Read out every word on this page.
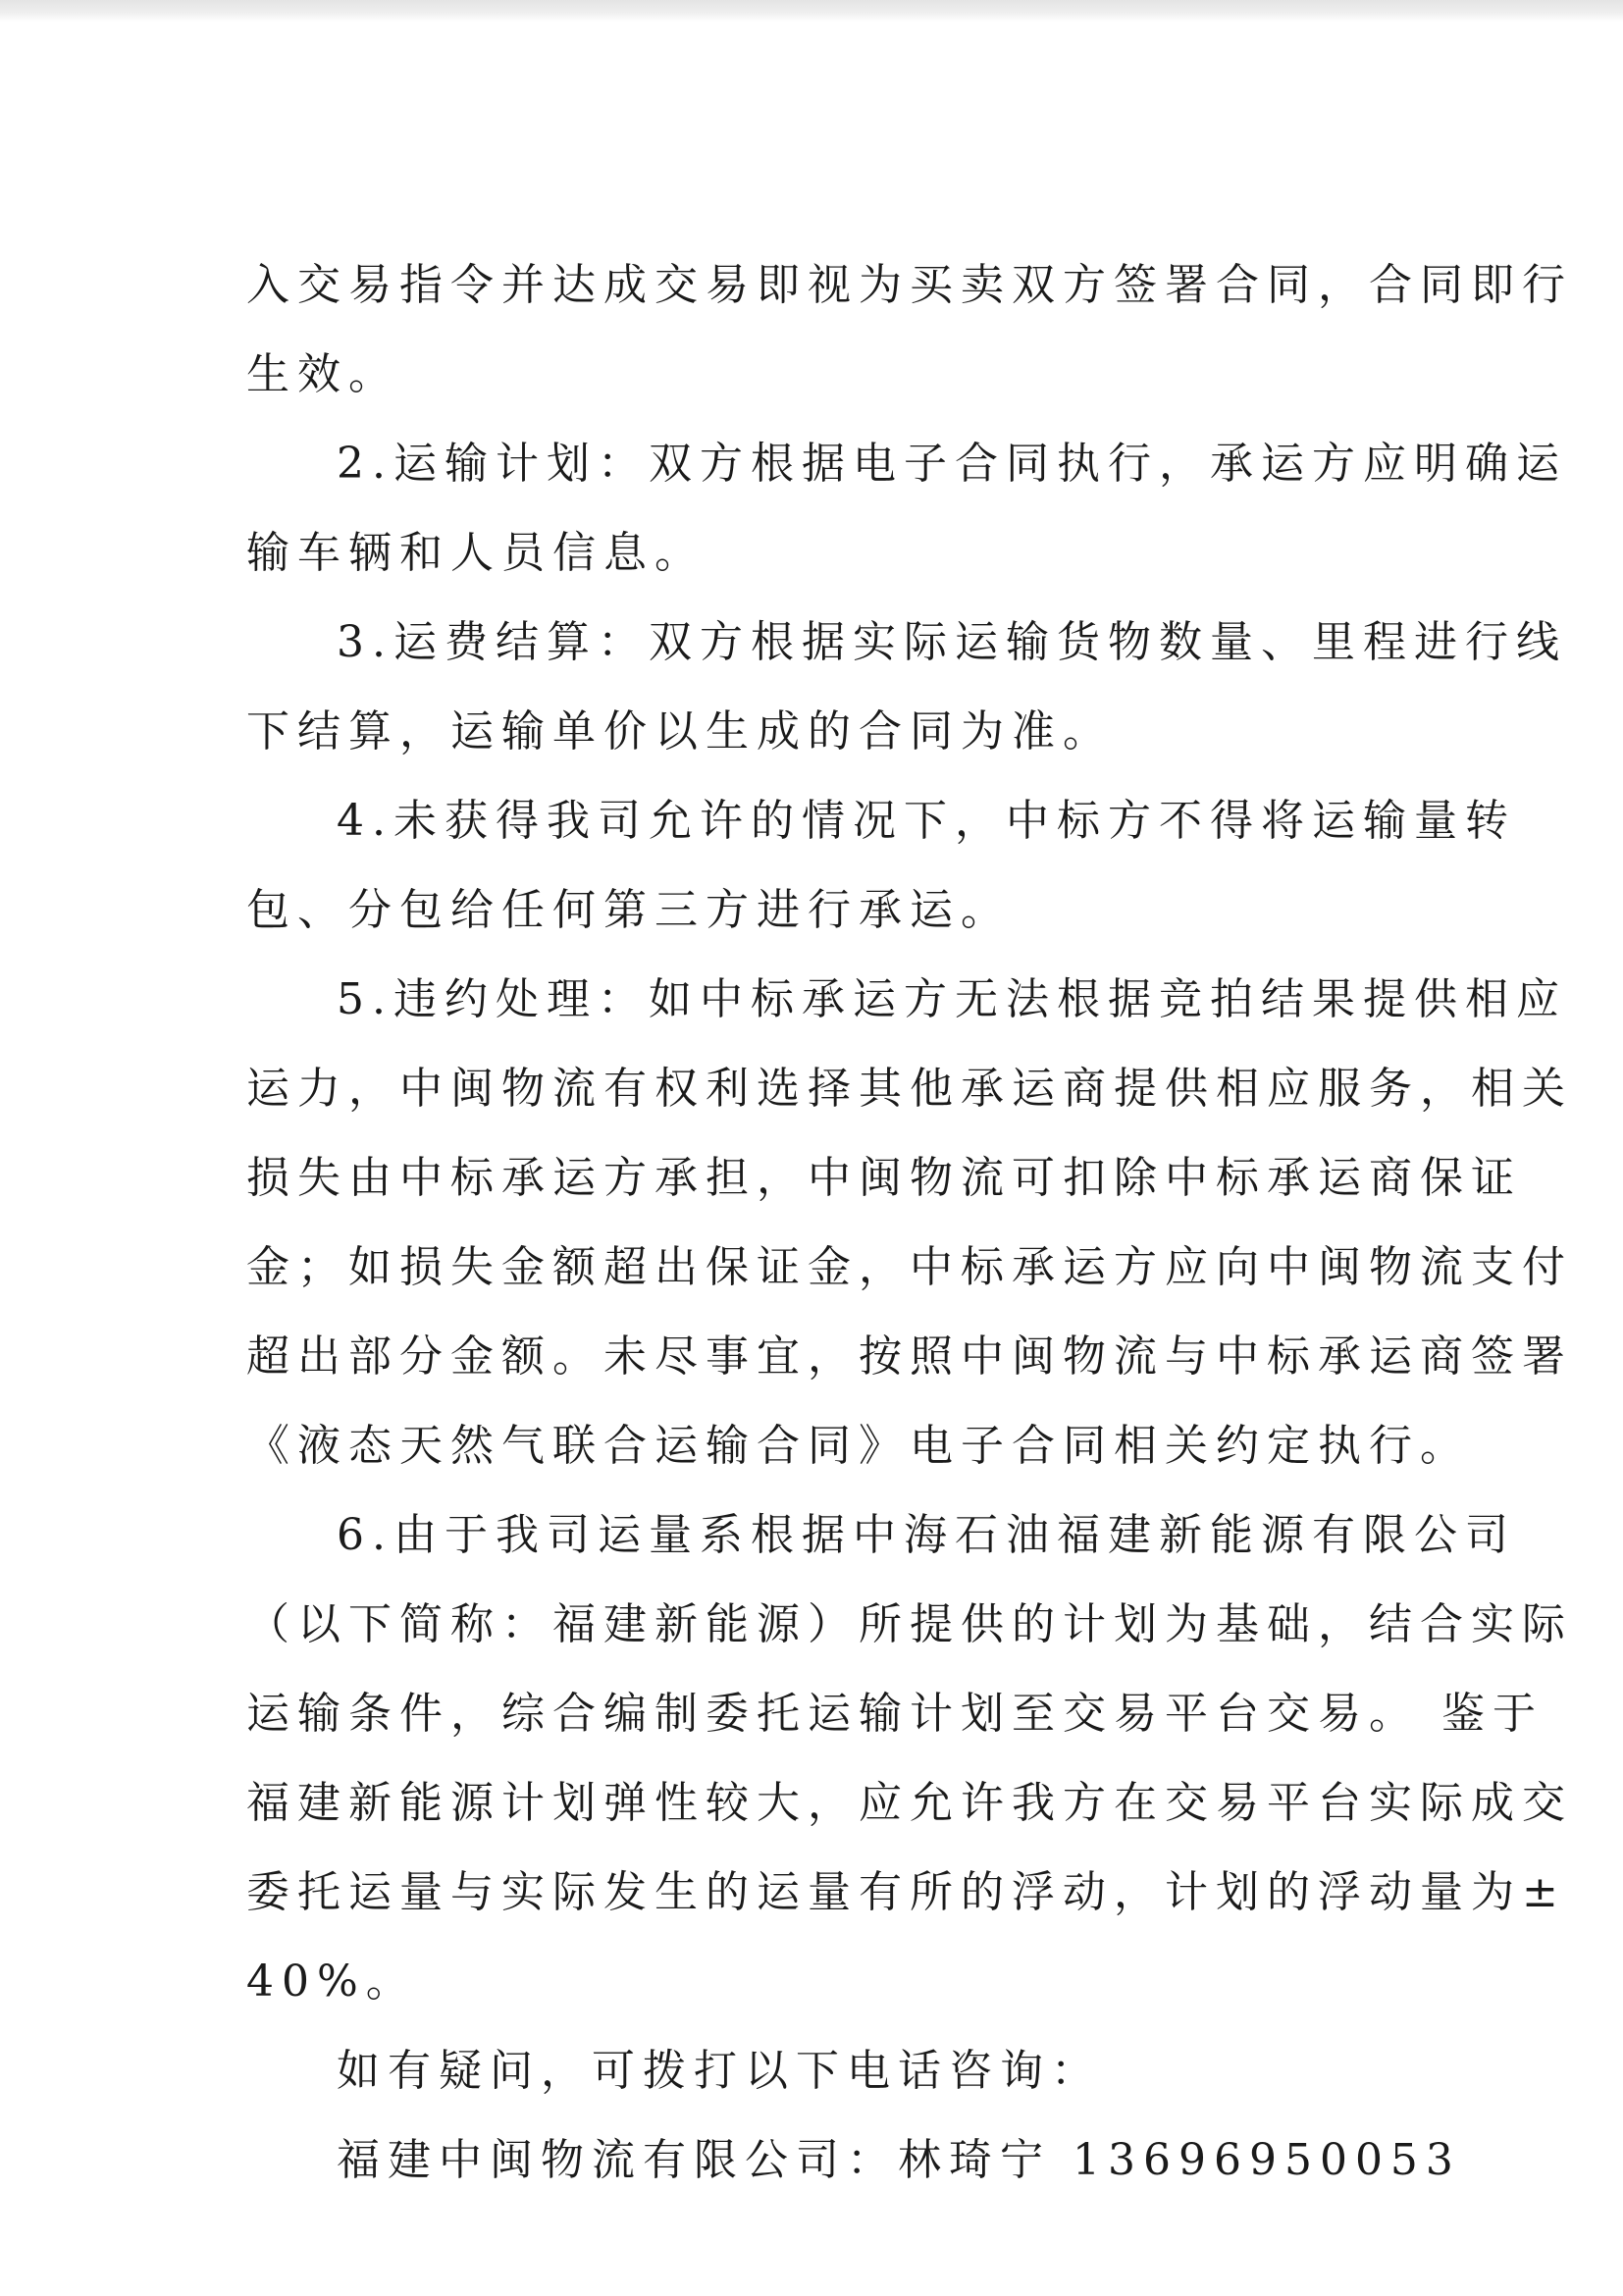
入交易指令并达成交易即视为买卖双方签署合同，合同即行
生效。
2.运输计划：双方根据电子合同执行，承运方应明确运
输车辆和人员信息。
3.运费结算：双方根据实际运输货物数量、里程进行线
下结算，运输单价以生成的合同为准。
4.未获得我司允许的情况下，中标方不得将运输量转
包、分包给任何第三方进行承运。
5.违约处理：如中标承运方无法根据竞拍结果提供相应
运力，中闽物流有权利选择其他承运商提供相应服务，相关
损失由中标承运方承担，中闽物流可扣除中标承运商保证
金；如损失金额超出保证金，中标承运方应向中闽物流支付
超出部分金额。未尽事宜，按照中闽物流与中标承运商签署
《液态天然气联合运输合同》电子合同相关约定执行。
6.由于我司运量系根据中海石油福建新能源有限公司
（以下简称：福建新能源）所提供的计划为基础，结合实际
运输条件，综合编制委托运输计划至交易平台交易。 鉴于
福建新能源计划弹性较大，应允许我方在交易平台实际成交
委托运量与实际发生的运量有所的浮动，计划的浮动量为±
40%。
如有疑问，可拨打以下电话咨询：
福建中闽物流有限公司：林琦宁 13696950053
